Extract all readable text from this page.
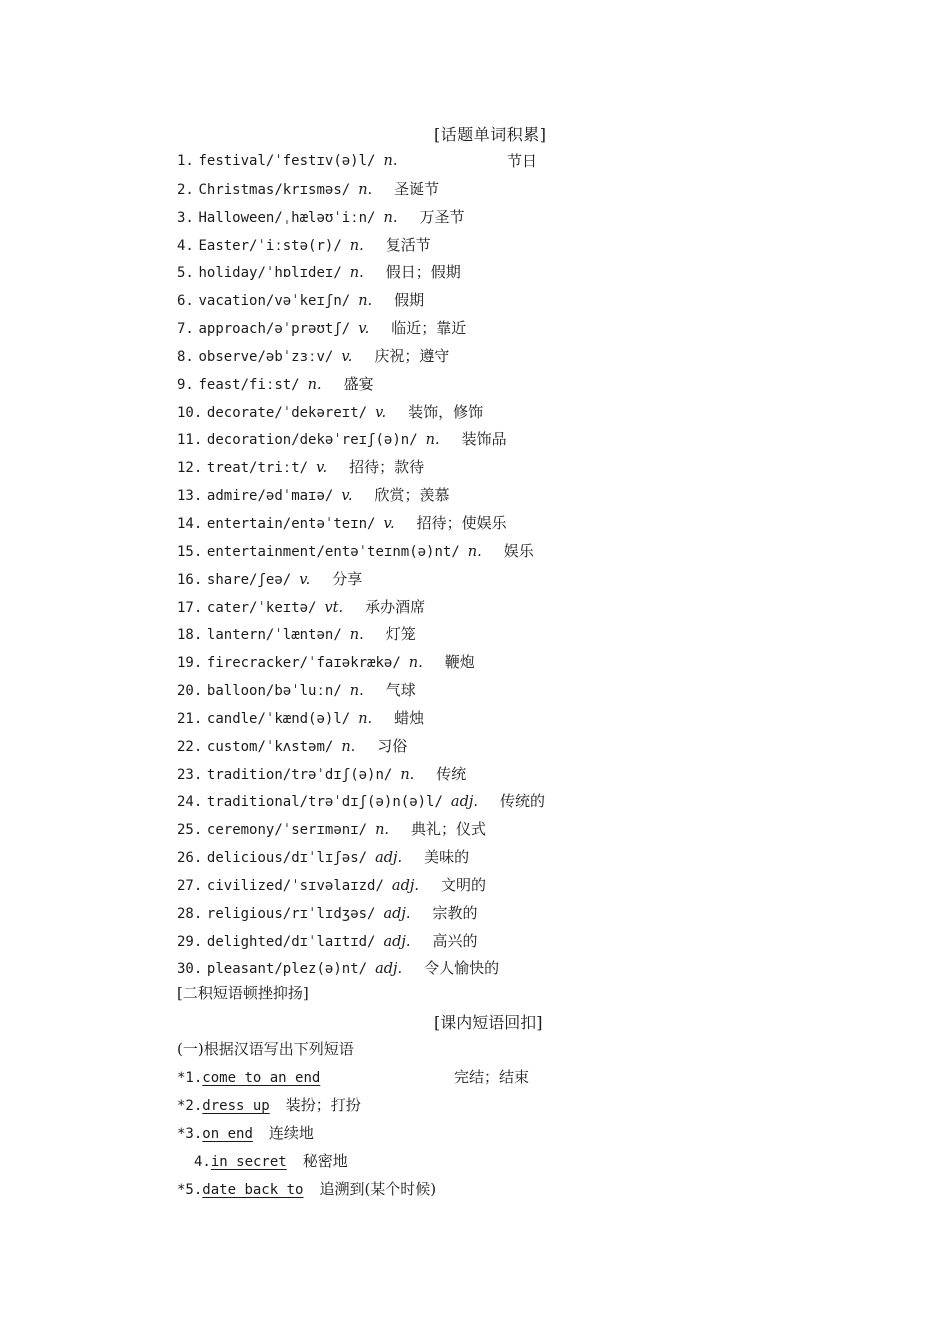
[话题单词积累]
1. festival/ˈfestɪv(ə)l/ n.	节日
2. Christmas/krɪsməs/ n. 圣诞节
3. Halloween/ˌhæləʊˈiːn/ n. 万圣节
4. Easter/ˈiːstə(r)/ n. 复活节
5. holiday/ˈhɒlɪdeɪ/ n. 假日；假期
6. vacation/vəˈkeɪʃn/ n. 假期
7. approach/əˈprəʊtʃ/ v. 临近；靠近
8. observe/əbˈzɜːv/ v. 庆祝；遵守
9. feast/fiːst/ n. 盛宴
10. decorate/ˈdekəreɪt/ v. 装饰，修饰
11. decoration/dekəˈreɪʃ(ə)n/ n. 装饰品
12. treat/triːt/ v. 招待；款待
13. admire/ədˈmaɪə/ v. 欣赏；羡慕
14. entertain/entəˈteɪn/ v. 招待；使娱乐
15. entertainment/entəˈteɪnm(ə)nt/ n. 娱乐
16. share/ʃeə/ v. 分享
17. cater/ˈkeɪtə/ vt. 承办酒席
18. lantern/ˈlæntən/ n. 灯笼
19. firecracker/ˈfaɪəkrækə/ n. 鞭炮
20. balloon/bəˈluːn/ n. 气球
21. candle/ˈkænd(ə)l/ n. 蜡烛
22. custom/ˈkʌstəm/ n. 习俗
23. tradition/trəˈdɪʃ(ə)n/ n. 传统
24. traditional/trəˈdɪʃ(ə)n(ə)l/ adj. 传统的
25. ceremony/ˈserɪmənɪ/ n. 典礼；仪式
26. delicious/dɪˈlɪʃəs/ adj. 美味的
27. civilized/ˈsɪvəlaɪzd/ adj. 文明的
28. religious/rɪˈlɪdʒəs/ adj. 宗教的
29. delighted/dɪˈlaɪtɪd/ adj. 高兴的
30. pleasant/plez(ə)nt/ adj. 令人愉快的
[二积短语顿挫抑扬]
[课内短语回扣]
(一)根据汉语写出下列短语
*1.come to an end	完结；结束
*2.dress up 装扮；打扮
*3.on end 连续地
4.in secret 秘密地
*5.date back to 追溯到(某个时候)
